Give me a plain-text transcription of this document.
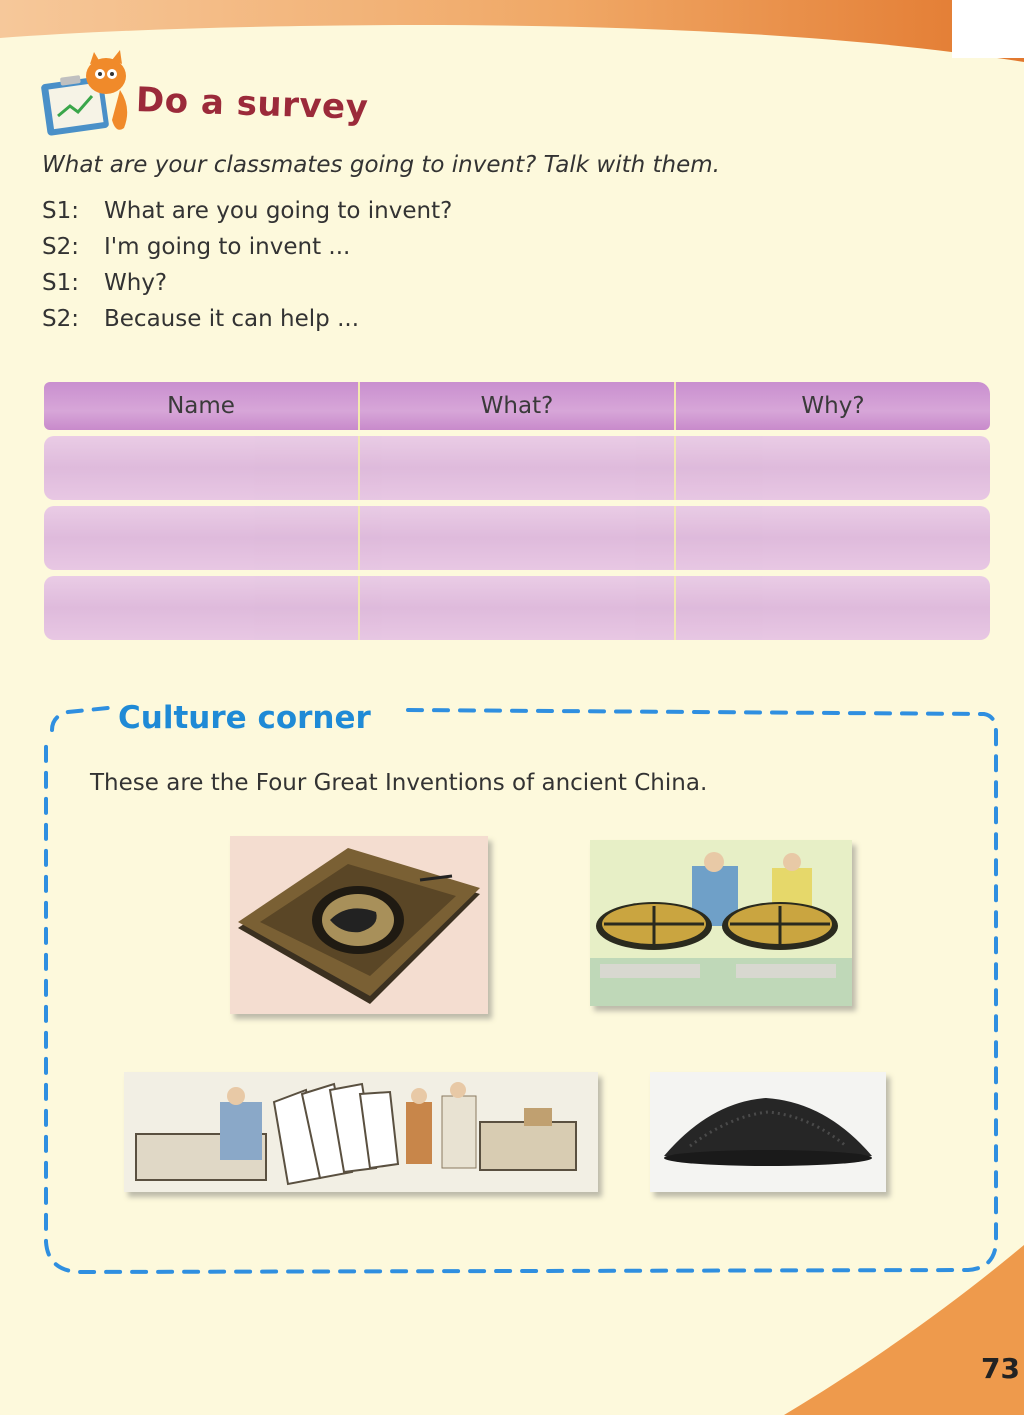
Do a survey
What are your classmates going to invent? Talk with them.
S1:	What are you going to invent?
S2:	I'm going to invent ...
S1:	Why?
S2:	Because it can help ...
Name	What?	Why?
Culture corner
These are the Four Great Inventions of ancient China.
73
